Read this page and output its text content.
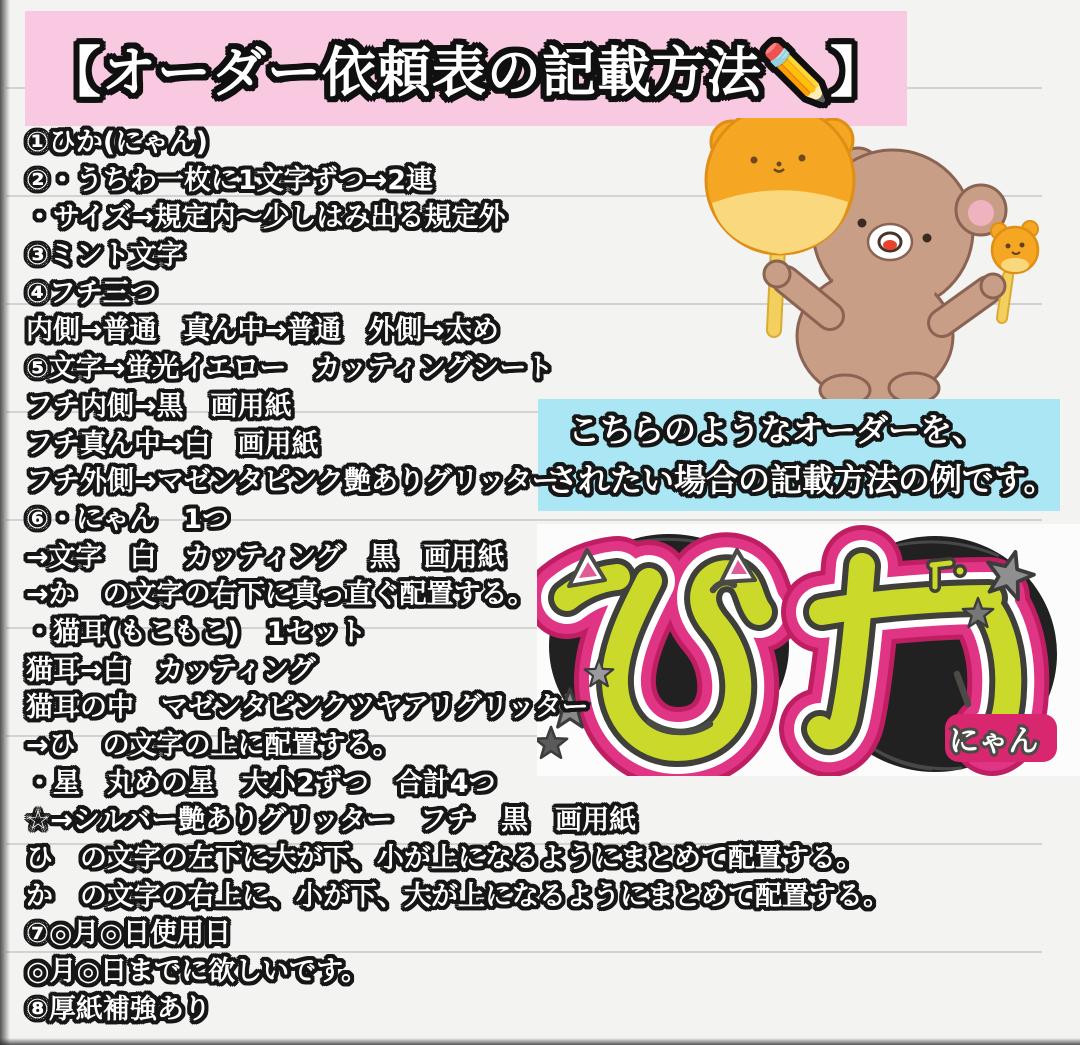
【オーダー依頼表の記載方法✏️】
こちらのようなオーダーを、
されたい場合の記載方法の例です。
にゃん
①ひか(にゃん)
②・うちわ一枚に1文字ずつ→2連
・サイズ→規定内～少しはみ出る規定外
③ミント文字
④フチ三つ
内側→普通　真ん中→普通　外側→太め
⑤文字→蛍光イエロー　カッティングシート
フチ内側→黒　画用紙
フチ真ん中→白　画用紙
フチ外側→マゼンタピンク艶ありグリッター
⑥・にゃん　1つ
→文字　白　カッティング　黒　画用紙
→か　の文字の右下に真っ直ぐ配置する。
・猫耳(もこもこ)　1セット
猫耳→白　カッティング
猫耳の中　マゼンタピンクツヤアリグリッター
→ひ　の文字の上に配置する。
・星　丸めの星　大小2ずつ　合計4つ
☆→シルバー艶ありグリッター　フチ　黒　画用紙
ひ　の文字の左下に大が下、小が上になるようにまとめて配置する。
か　の文字の右上に、小が下、大が上になるようにまとめて配置する。
⑦◎月◎日使用日
◎月◎日までに欲しいです。
⑧厚紙補強あり
